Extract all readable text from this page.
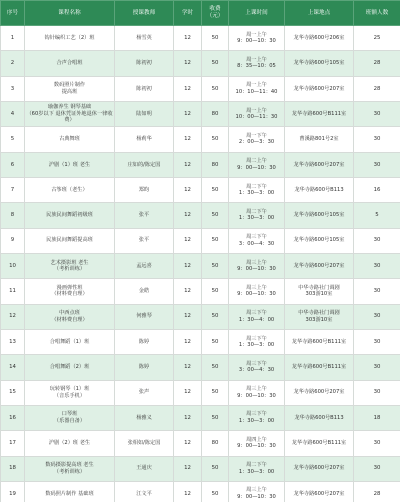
序号	课程名称	授课教师	学时	收费
（元）	上课时间	上课地点	班额人数
1	钩针编织工艺（2）班	杨雪英	12	50	周一上午
9：00—10：30	龙华寺路600号206室	25
2	合声合唱班	陈初初	12	50	周一上午
8：35—10：05	龙华寺路600号105室	28
3	数码照片制作
提高班	陈初初	12	50	周一上午
10：10—11：40	龙华寺路600号207室	28
4	瑜伽养生 钢琴基础
（60岁以下 退休凭证外地退休一律收费）	陆如明	12	80	周一上午
10：00—11：30	龙华寺路600号B111室	30
5	古典舞班	杨莉华	12	50	周一下午
2：00—3：30	曹溪路801号2室	30
6	沪剧（1）班 老生	庄如的/陈定国	12	80	周二上午
9：00—10：30	龙华寺路600号207室	30
7	古筝班（老生）	郑昀	12	50	周二下午
1：30—3：00	龙华寺路600号B113	16
8	民族民间舞蹈初级班	张平	12	50	周二下午
1：30—3：00	龙华寺路600号105室	5
9	民族民间舞蹈提高班	张平	12	50	周三下午
3：00—4：30	龙华寺路600号105室	30
10	艺术摄影班 老生
（考析训练）	孟远喜	12	50	周三上午
9：00—10：30	龙华寺路600号207室	30
11	漫画弹性班
（材料费自理）	金皓	12	50	周三上午
9：00—10：30	中华寺路社门调剧
303游10室	30
12	中西点班
（材料费自理）	何雅琴	12	50	周三下午
1：30—4：00	中华寺路社门调剧
303游10室	30
13	合唱舞蹈（1）班	陈婷	12	50	周三下午
1：30—3：00	龙华寺路600号B111室	30
14	合唱舞蹈（2）班	陈婷	12	50	周三下午
3：00—4：30	龙华寺路600号B111室	30
15	玩转钢琴（1）班
（音乐手机）	张声	12	50	周三上午
9：00—10：30	龙华寺路600号207室	30
16	口琴班
（乐器自备）	杨雅义	12	50	周三下午
1：30—3：00	龙华寺路600号B113	18
17	沪剧（2）班 老生	张相如/陈定国	12	80	周四上午
9：00—10：30	龙华寺路600号B111室	30
18	数码摄影提高班 老生
（考析训练）	王通庆	12	50	周二下午
1：30—3：00	龙华寺路600号207室	30
19	数码照片制作 基础班	江文平	12	50	周三上午
9：00—10：30	龙华寺路600号207室	28
